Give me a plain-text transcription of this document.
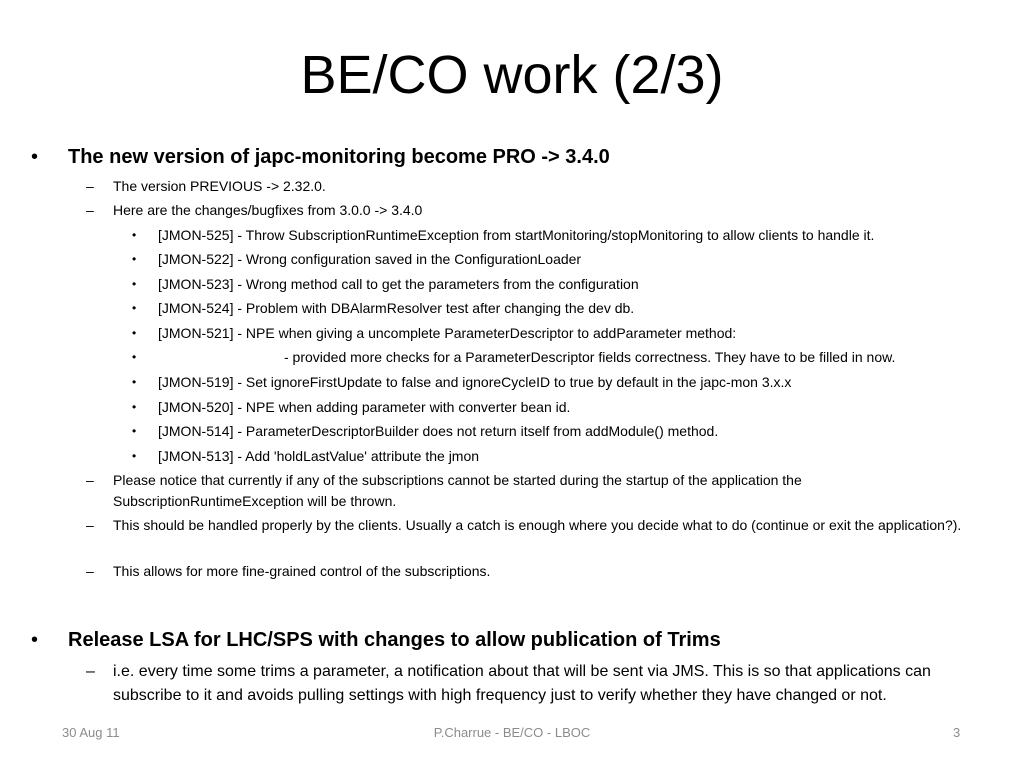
BE/CO work (2/3)
•	The new version of japc-monitoring become PRO -> 3.4.0
–	The version PREVIOUS -> 2.32.0.
–	Here are the changes/bugfixes from 3.0.0 -> 3.4.0
•	[JMON-525] - Throw SubscriptionRuntimeException from startMonitoring/stopMonitoring to allow clients to handle it.
•	[JMON-522] - Wrong configuration saved in the ConfigurationLoader
•	[JMON-523] - Wrong method call to get the parameters from the configuration
•	[JMON-524] - Problem with DBAlarmResolver test after changing the dev db.
•	[JMON-521] - NPE when giving a uncomplete ParameterDescriptor to addParameter method:
•	- provided more checks for a ParameterDescriptor fields correctness. They have to be filled in now.
•	[JMON-519] - Set ignoreFirstUpdate to false and ignoreCycleID to true by default in the japc-mon 3.x.x
•	[JMON-520] - NPE when adding parameter with converter bean id.
•	[JMON-514] - ParameterDescriptorBuilder does not return itself from addModule() method.
•	[JMON-513] - Add 'holdLastValue' attribute the jmon
–	Please notice that currently if any of the subscriptions cannot be started during the startup of the application the SubscriptionRuntimeException will be thrown.
–	This should be handled properly by the clients. Usually a catch is enough where you decide what to do (continue or exit the application?).
–	This allows for more fine-grained control of the subscriptions.
•	Release LSA for LHC/SPS with changes to allow publication of Trims
–	i.e. every time some trims a parameter, a notification about that will be sent via JMS. This is so that applications can subscribe to it and avoids pulling settings with high frequency just to verify whether they have changed or not.
30 Aug 11	P.Charrue - BE/CO - LBOC	3
